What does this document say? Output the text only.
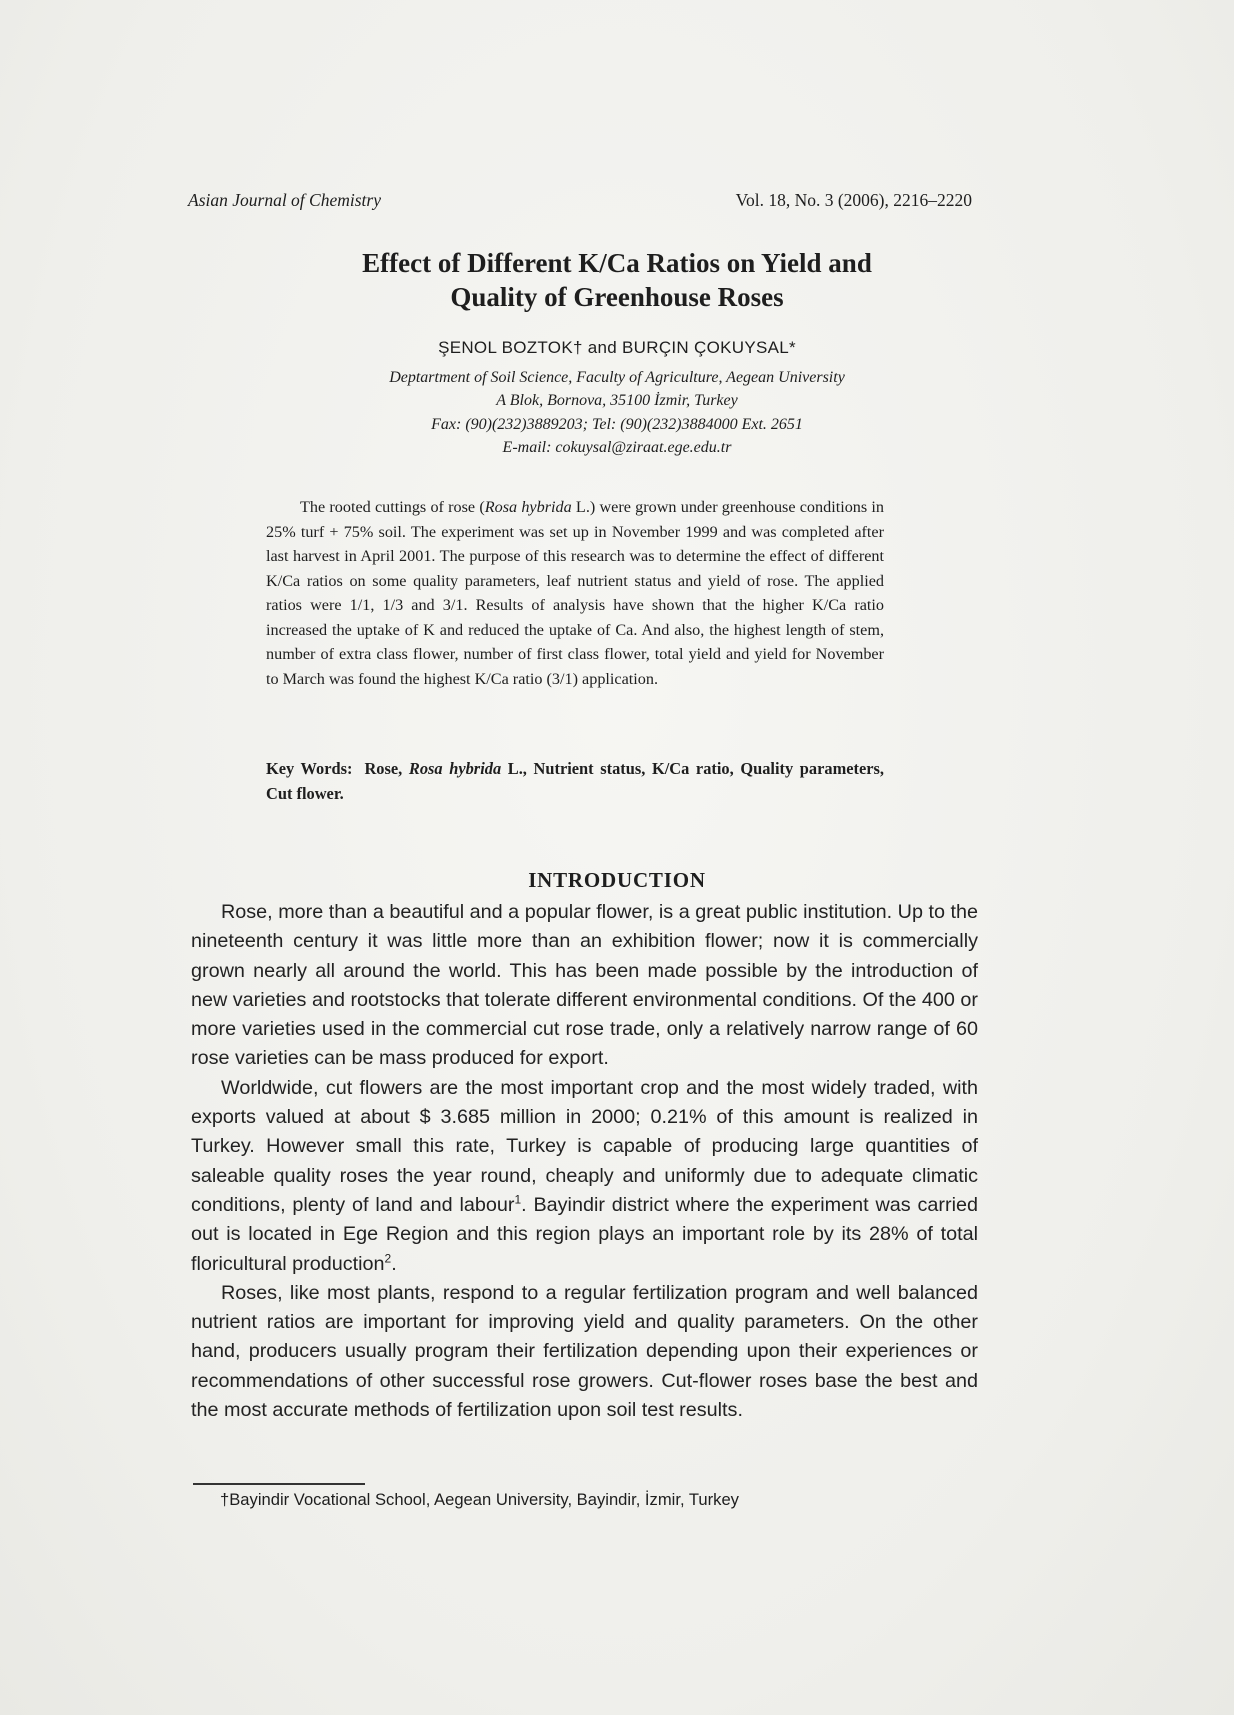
Asian Journal of Chemistry	Vol. 18, No. 3 (2006), 2216–2220
Effect of Different K/Ca Ratios on Yield and
Quality of Greenhouse Roses
ŞENOL BOZTOK† and BURÇIN ÇOKUYSAL*
Deptartment of Soil Science, Faculty of Agriculture, Aegean University
A Blok, Bornova, 35100 İzmir, Turkey
Fax: (90)(232)3889203; Tel: (90)(232)3884000 Ext. 2651
E-mail: cokuysal@ziraat.ege.edu.tr
The rooted cuttings of rose (Rosa hybrida L.) were grown under greenhouse conditions in 25% turf + 75% soil. The experiment was set up in November 1999 and was completed after last harvest in April 2001. The purpose of this research was to determine the effect of different K/Ca ratios on some quality parameters, leaf nutrient status and yield of rose. The applied ratios were 1/1, 1/3 and 3/1. Results of analysis have shown that the higher K/Ca ratio increased the uptake of K and reduced the uptake of Ca. And also, the highest length of stem, number of extra class flower, number of first class flower, total yield and yield for November to March was found the highest K/Ca ratio (3/1) application.
Key Words: Rose, Rosa hybrida L., Nutrient status, K/Ca ratio, Quality parameters, Cut flower.
INTRODUCTION

Rose, more than a beautiful and a popular flower, is a great public institution. Up to the nineteenth century it was little more than an exhibition flower; now it is commercially grown nearly all around the world. This has been made possible by the introduction of new varieties and rootstocks that tolerate different environmental conditions. Of the 400 or more varieties used in the commercial cut rose trade, only a relatively narrow range of 60 rose varieties can be mass produced for export.

Worldwide, cut flowers are the most important crop and the most widely traded, with exports valued at about $ 3.685 million in 2000; 0.21% of this amount is realized in Turkey. However small this rate, Turkey is capable of producing large quantities of saleable quality roses the year round, cheaply and uniformly due to adequate climatic conditions, plenty of land and labour$^1$. Bayindir district where the experiment was carried out is located in Ege Region and this region plays an important role by its 28% of total floricultural production$^2$.

Roses, like most plants, respond to a regular fertilization program and well balanced nutrient ratios are important for improving yield and quality parameters. On the other hand, producers usually program their fertilization depending upon their experiences or recommendations of other successful rose growers. Cut-flower roses base the best and the most accurate methods of fertilization upon soil test results.

†Bayindir Vocational School, Aegean University, Bayindir, İzmir, Turkey
